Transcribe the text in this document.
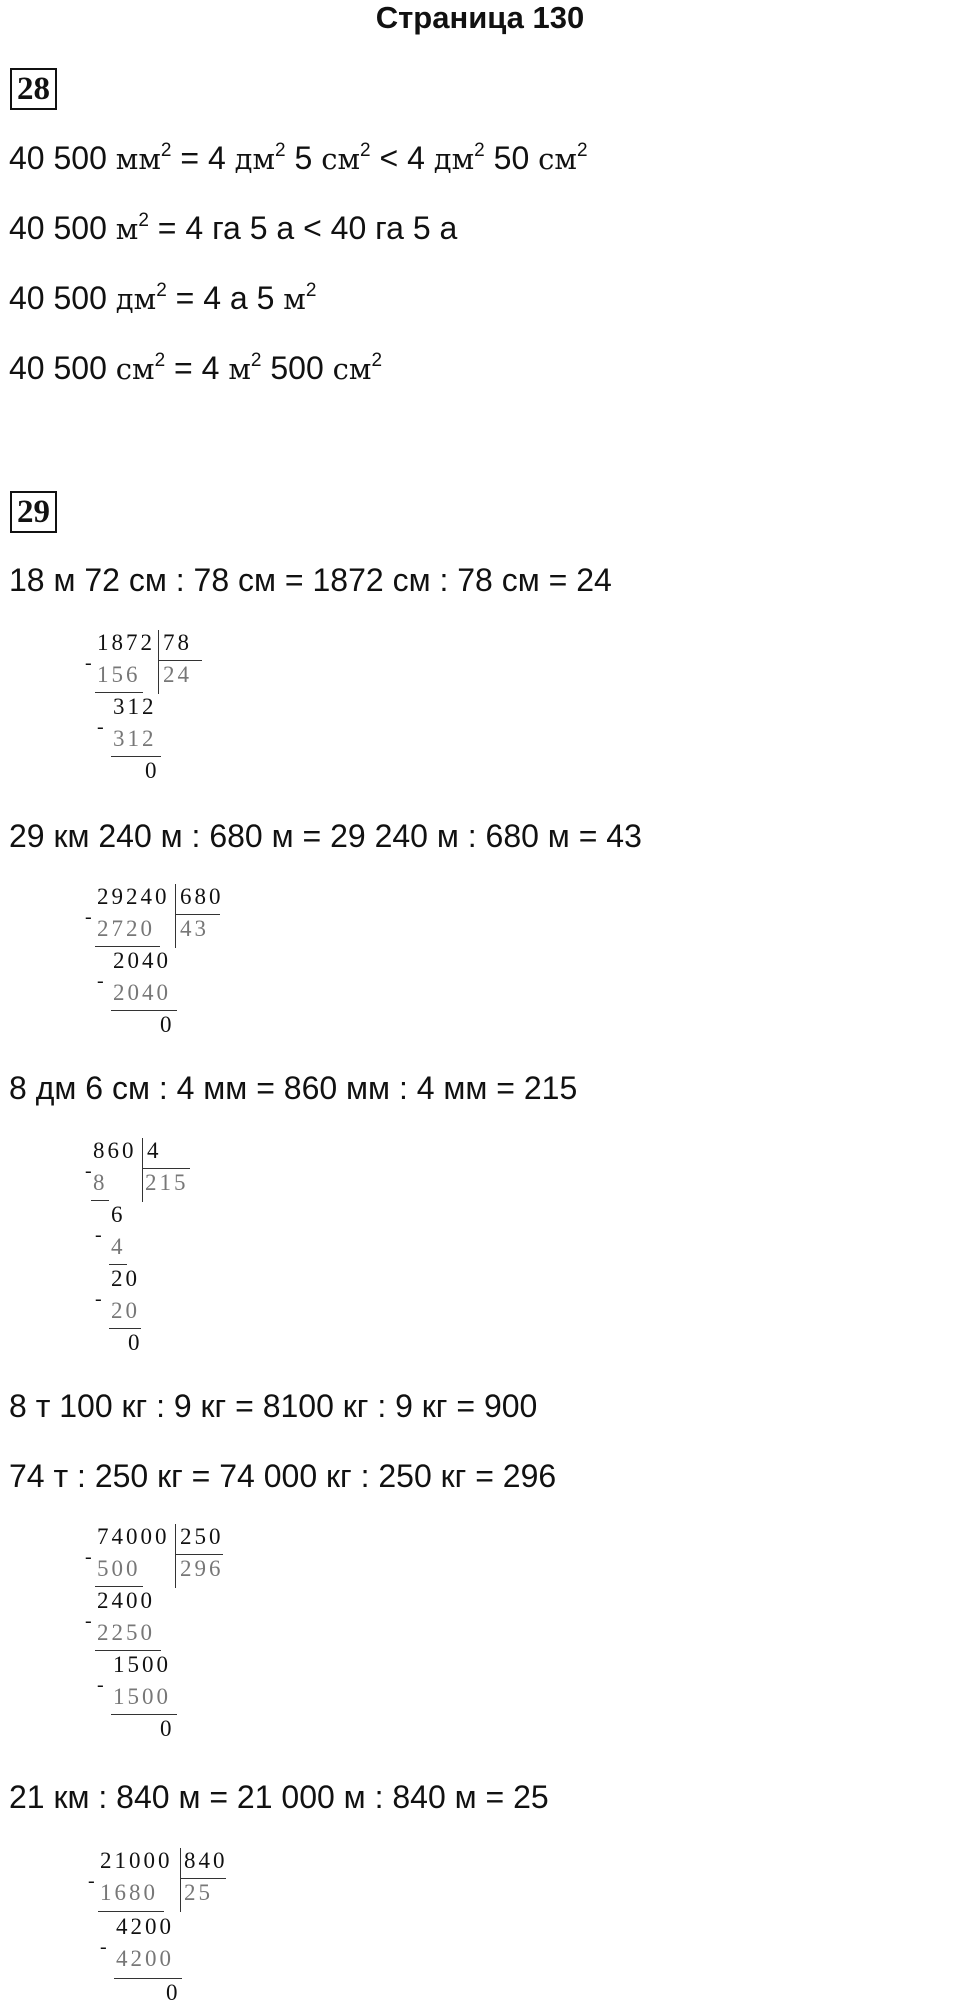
Страница 130
28
40 500 $мм^2 = 4$ $дм^2$ 5 $см^2 < 4$ $дм^2$ 50 $см^2$
40 500 $м^2 = 4$ га 5 а < 40 га 5 а
40 500 $дм^2 = 4$ а 5 $м^2$
40 500 $см^2 = 4$ $м^2$ 500 $см^2$
29
18 м 72 см : 78 см = 1872 см : 78 см = 24
1872 78
- 156 24
312
- 312
0
29 км 240 м : 680 м = 29 240 м : 680 м = 43
29240 680
- 2720 43
2040
- 2040
0
8 дм 6 см : 4 мм = 860 мм : 4 мм = 215
860 4
-
8 215
6
- 4
20
- 20
0
8 т 100 кг : 9 кг = 8100 кг : 9 кг = 900
74 т : 250 кг = 74 000 кг : 250 кг = 296
74000 250
- 500 296
2400
- 2250
1500
- 1500
0
21 км : 840 м = 21 000 м : 840 м = 25
21000 840
- 1680 25
4200
- 4200
0
